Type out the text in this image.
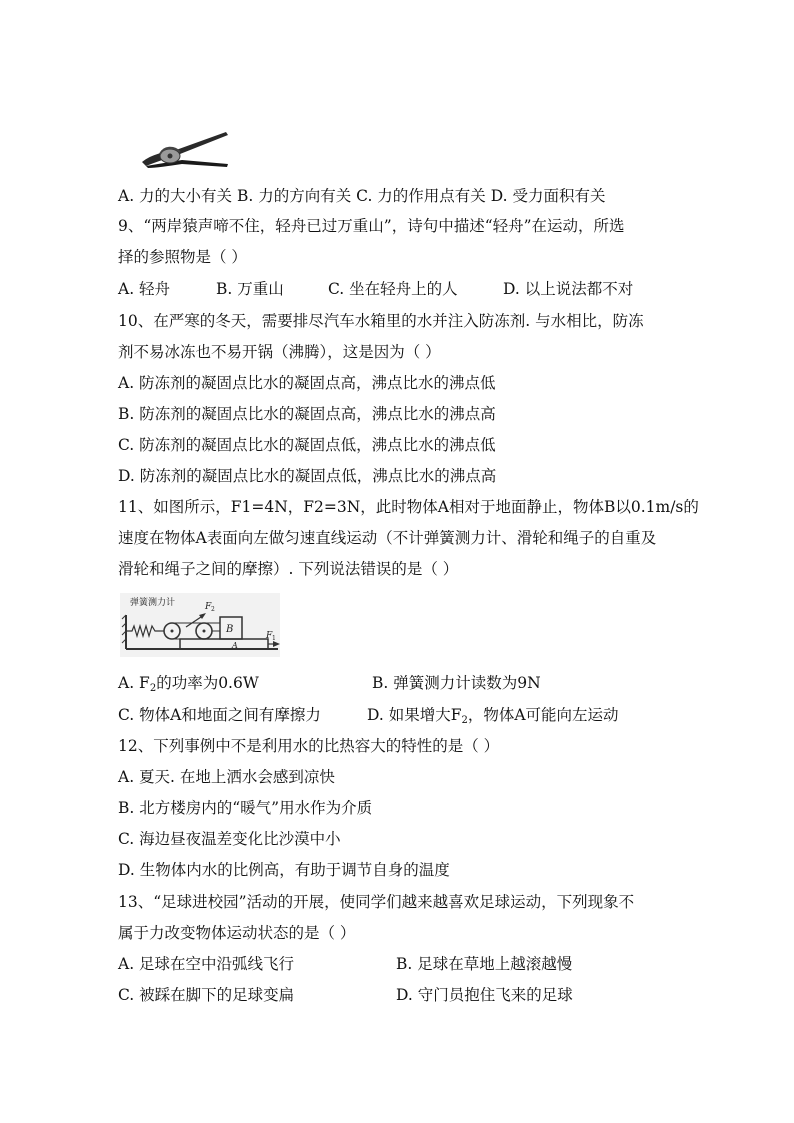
A. 力的大小有关 B. 力的方向有关 C. 力的作用点有关 D. 受力面积有关
9、“两岸猿声啼不住，轻舟已过万重山”，诗句中描述“轻舟”在运动，所选
择的参照物是（ ）
A. 轻舟	B. 万重山	C. 坐在轻舟上的人	D. 以上说法都不对
10、在严寒的冬天，需要排尽汽车水箱里的水并注入防冻剂. 与水相比，防冻
剂不易冰冻也不易开锅（沸腾），这是因为（ ）
A. 防冻剂的凝固点比水的凝固点高，沸点比水的沸点低
B. 防冻剂的凝固点比水的凝固点高，沸点比水的沸点高
C. 防冻剂的凝固点比水的凝固点低，沸点比水的沸点低
D. 防冻剂的凝固点比水的凝固点低，沸点比水的沸点高
11、如图所示，F1=4N，F2=3N，此时物体A相对于地面静止，物体B以0.1m/s的
速度在物体A表面向左做匀速直线运动（不计弹簧测力计、滑轮和绳子的自重及
滑轮和绳子之间的摩擦）. 下列说法错误的是（ ）
弹簧测力计	F 2
B
A
F 1
A. $F_2$的功率为0.6W	B. 弹簧测力计读数为9N
C. 物体A和地面之间有摩擦力	D. 如果增大$F_2$，物体A可能向左运动
12、下列事例中不是利用水的比热容大的特性的是（ ）
A. 夏天. 在地上洒水会感到凉快
B. 北方楼房内的“暖气”用水作为介质
C. 海边昼夜温差变化比沙漠中小
D. 生物体内水的比例高，有助于调节自身的温度
13、“足球进校园”活动的开展，使同学们越来越喜欢足球运动，下列现象不
属于力改变物体运动状态的是（ ）
A. 足球在空中沿弧线飞行	B. 足球在草地上越滚越慢
C. 被踩在脚下的足球变扁	D. 守门员抱住飞来的足球
